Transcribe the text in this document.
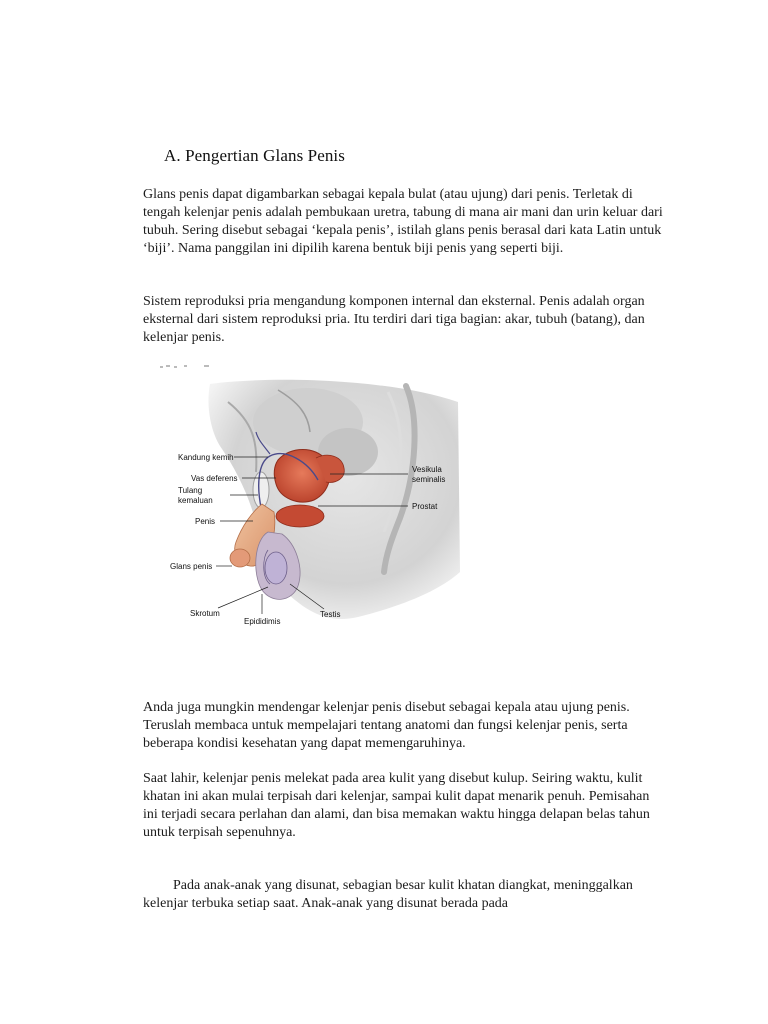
A. Pengertian Glans Penis

Glans penis dapat digambarkan sebagai kepala bulat (atau ujung) dari penis. Terletak di tengah kelenjar penis adalah pembukaan uretra, tabung di mana air mani dan urin keluar dari tubuh. Sering disebut sebagai ‘kepala penis’, istilah glans penis berasal dari kata Latin untuk ‘biji’. Nama panggilan ini dipilih karena bentuk biji penis yang seperti biji.

Sistem reproduksi pria mengandung komponen internal dan eksternal. Penis adalah organ eksternal dari sistem reproduksi pria. Itu terdiri dari tiga bagian: akar, tubuh (batang), dan kelenjar penis.

Kandung kemih
Vas deferens
Tulang
kemaluan
Penis
Glans penis
Skrotum
Epididimis
Testis
Vesikula
seminalis
Prostat

Anda juga mungkin mendengar kelenjar penis disebut sebagai kepala atau ujung penis. Teruslah membaca untuk mempelajari tentang anatomi dan fungsi kelenjar penis, serta beberapa kondisi kesehatan yang dapat memengaruhinya.

Saat lahir, kelenjar penis melekat pada area kulit yang disebut kulup. Seiring waktu, kulit khatan ini akan mulai terpisah dari kelenjar, sampai kulit dapat menarik penuh. Pemisahan ini terjadi secara perlahan dan alami, dan bisa memakan waktu hingga delapan belas tahun untuk terpisah sepenuhnya.

Pada anak-anak yang disunat, sebagian besar kulit khatan diangkat, meninggalkan kelenjar terbuka setiap saat. Anak-anak yang disunat berada pada
